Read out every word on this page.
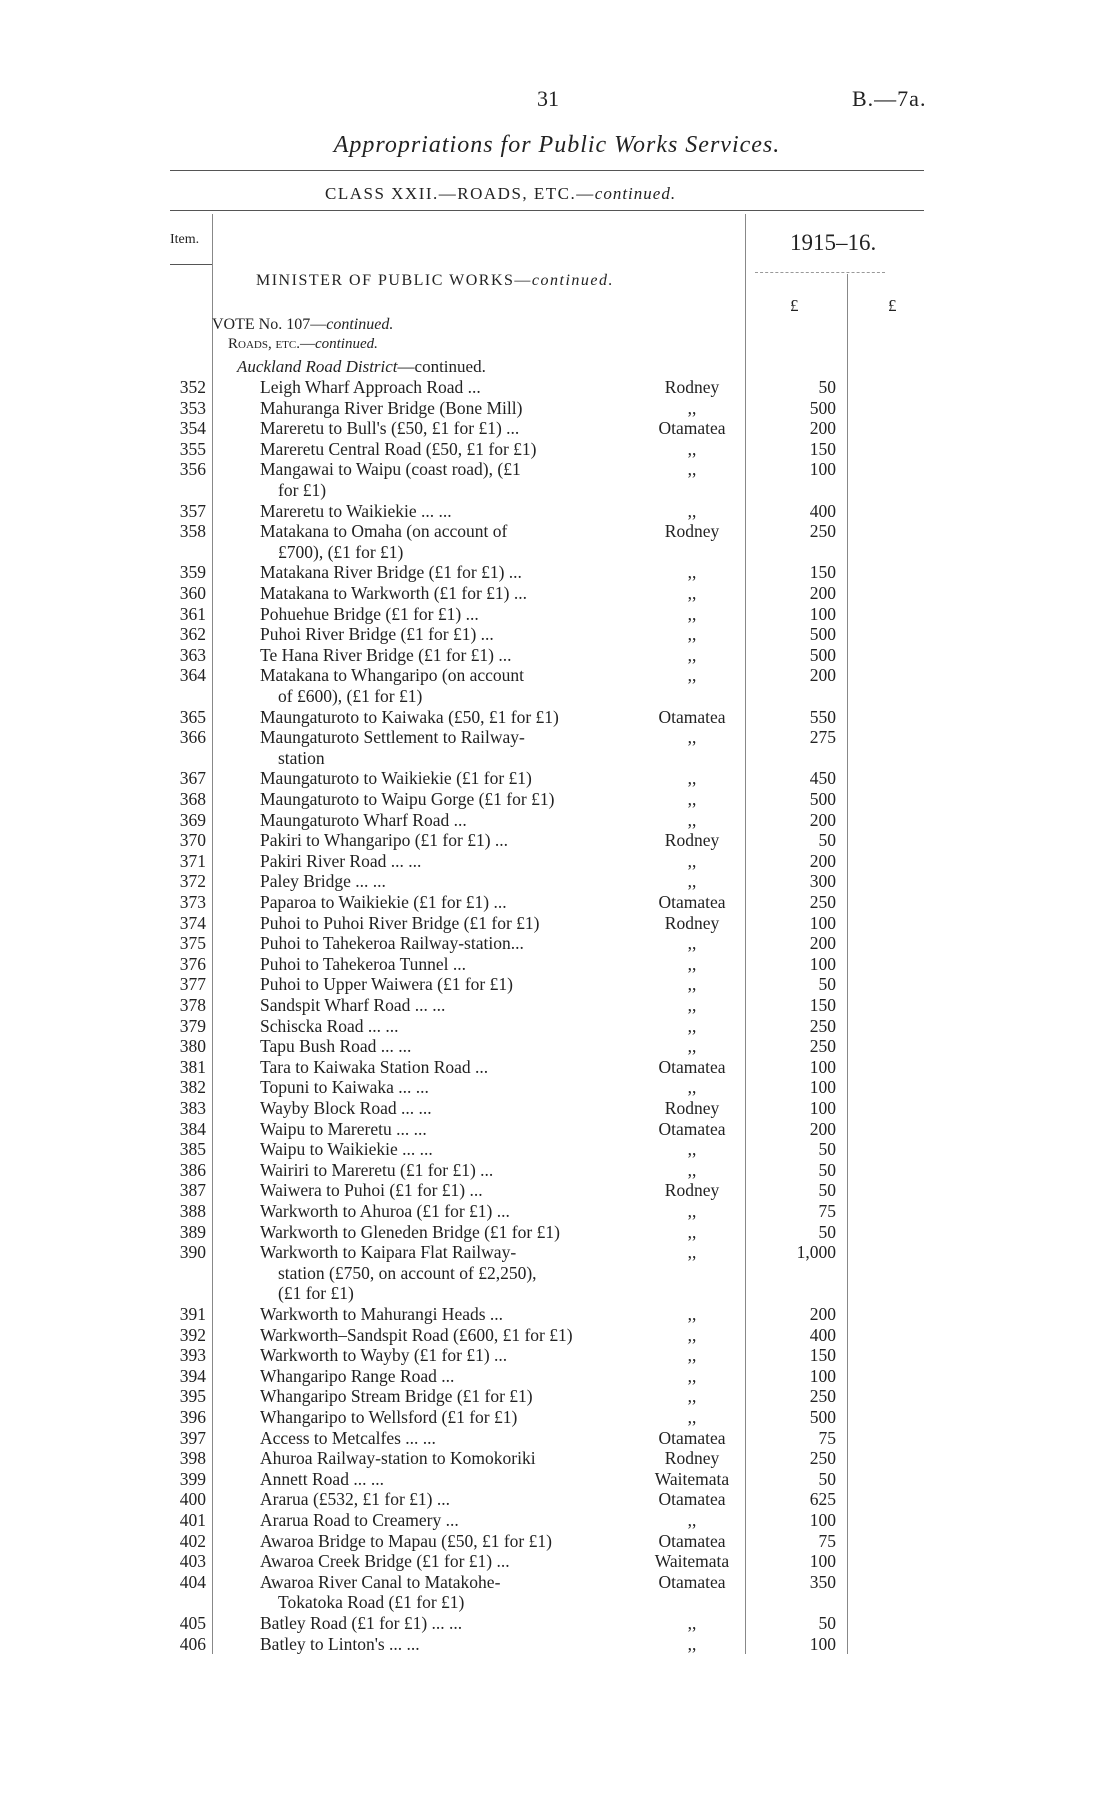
31	B.—7a.
Appropriations for Public Works Services.
CLASS XXII.—ROADS, ETC.—continued.
Item.	1915–16.
MINISTER OF PUBLIC WORKS—continued.
£	£
VOTE No. 107—continued.
Roads, etc.—continued.
Auckland Road District—continued.
352	Leigh Wharf Approach Road ...	Rodney	50
353	Mahuranga River Bridge (Bone Mill)	,,	500
354	Mareretu to Bull's (£50, £1 for £1) ...	Otamatea	200
355	Mareretu Central Road (£50, £1 for £1)	,,	150
356	Mangawai to Waipu (coast road), (£1
for £1)
,,	100
357	Mareretu to Waikiekie ... ...	,,	400
358	Matakana to Omaha (on account of
£700), (£1 for £1)
Rodney	250
359	Matakana River Bridge (£1 for £1) ...	,,	150
360	Matakana to Warkworth (£1 for £1) ...	,,	200
361	Pohuehue Bridge (£1 for £1) ...	,,	100
362	Puhoi River Bridge (£1 for £1) ...	,,	500
363	Te Hana River Bridge (£1 for £1) ...	,,	500
364	Matakana to Whangaripo (on account
of £600), (£1 for £1)
,,	200
365	Maungaturoto to Kaiwaka (£50, £1 for £1)	Otamatea	550
366	Maungaturoto Settlement to Railway-
station
,,	275
367	Maungaturoto to Waikiekie (£1 for £1)	,,	450
368	Maungaturoto to Waipu Gorge (£1 for £1)	,,	500
369	Maungaturoto Wharf Road ...	,,	200
370	Pakiri to Whangaripo (£1 for £1) ...	Rodney	50
371	Pakiri River Road ... ...	,,	200
372	Paley Bridge ... ...	,,	300
373	Paparoa to Waikiekie (£1 for £1) ...	Otamatea	250
374	Puhoi to Puhoi River Bridge (£1 for £1)	Rodney	100
375	Puhoi to Tahekeroa Railway-station...	,,	200
376	Puhoi to Tahekeroa Tunnel ...	,,	100
377	Puhoi to Upper Waiwera (£1 for £1)	,,	50
378	Sandspit Wharf Road ... ...	,,	150
379	Schiscka Road ... ...	,,	250
380	Tapu Bush Road ... ...	,,	250
381	Tara to Kaiwaka Station Road ...	Otamatea	100
382	Topuni to Kaiwaka ... ...	,,	100
383	Wayby Block Road ... ...	Rodney	100
384	Waipu to Mareretu ... ...	Otamatea	200
385	Waipu to Waikiekie ... ...	,,	50
386	Wairiri to Mareretu (£1 for £1) ...	,,	50
387	Waiwera to Puhoi (£1 for £1) ...	Rodney	50
388	Warkworth to Ahuroa (£1 for £1) ...	,,	75
389	Warkworth to Gleneden Bridge (£1 for £1)	,,	50
390	Warkworth to Kaipara Flat Railway-
station (£750, on account of £2,250),
(£1 for £1)
,,	1,000
391	Warkworth to Mahurangi Heads ...	,,	200
392	Warkworth–Sandspit Road (£600, £1 for £1)	,,	400
393	Warkworth to Wayby (£1 for £1) ...	,,	150
394	Whangaripo Range Road ...	,,	100
395	Whangaripo Stream Bridge (£1 for £1)	,,	250
396	Whangaripo to Wellsford (£1 for £1)	,,	500
397	Access to Metcalfes ... ...	Otamatea	75
398	Ahuroa Railway-station to Komokoriki	Rodney	250
399	Annett Road ... ...	Waitemata	50
400	Ararua (£532, £1 for £1) ...	Otamatea	625
401	Ararua Road to Creamery ...	,,	100
402	Awaroa Bridge to Mapau (£50, £1 for £1)	Otamatea	75
403	Awaroa Creek Bridge (£1 for £1) ...	Waitemata	100
404	Awaroa River Canal to Matakohe-
Tokatoka Road (£1 for £1)
Otamatea	350
405	Batley Road (£1 for £1) ... ...	,,	50
406	Batley to Linton's ... ...	,,	100
